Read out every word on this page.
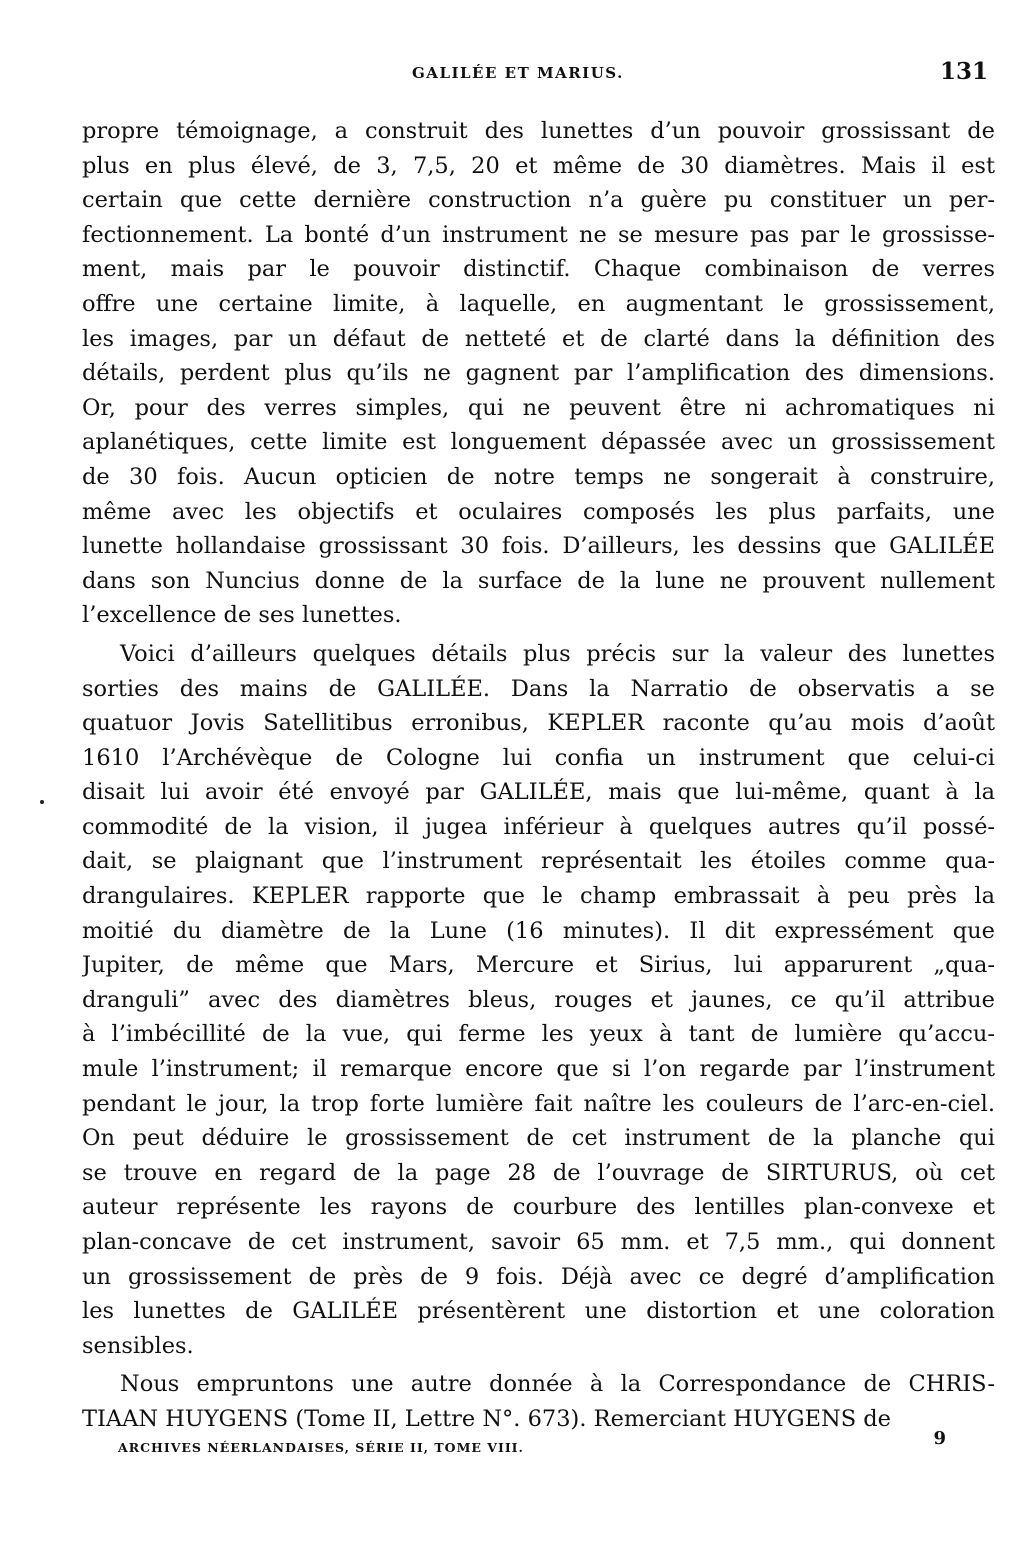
GALILÉE ET MARIUS.	131
propre témoignage, a construit des lunettes d’un pouvoir grossissant de
plus en plus élevé, de 3, 7,5, 20 et même de 30 diamètres. Mais il est
certain que cette dernière construction n’a guère pu constituer un per-
fectionnement. La bonté d’un instrument ne se mesure pas par le grossisse-
ment, mais par le pouvoir distinctif. Chaque combinaison de verres
offre une certaine limite, à laquelle, en augmentant le grossissement,
les images, par un défaut de netteté et de clarté dans la définition des
détails, perdent plus qu’ils ne gagnent par l’amplification des dimensions.
Or, pour des verres simples, qui ne peuvent être ni achromatiques ni
aplanétiques, cette limite est longuement dépassée avec un grossissement
de 30 fois. Aucun opticien de notre temps ne songerait à construire,
même avec les objectifs et oculaires composés les plus parfaits, une
lunette hollandaise grossissant 30 fois. D’ailleurs, les dessins que GALILÉE
dans son Nuncius donne de la surface de la lune ne prouvent nullement
l’excellence de ses lunettes.
Voici d’ailleurs quelques détails plus précis sur la valeur des lunettes
sorties des mains de GALILÉE. Dans la Narratio de observatis a se
quatuor Jovis Satellitibus erronibus, KEPLER raconte qu’au mois d’août
1610 l’Archévèque de Cologne lui confia un instrument que celui-ci
disait lui avoir été envoyé par GALILÉE, mais que lui-même, quant à la
commodité de la vision, il jugea inférieur à quelques autres qu’il possé-
dait, se plaignant que l’instrument représentait les étoiles comme qua-
drangulaires. KEPLER rapporte que le champ embrassait à peu près la
moitié du diamètre de la Lune (16 minutes). Il dit expressément que
Jupiter, de même que Mars, Mercure et Sirius, lui apparurent „qua-
dranguli” avec des diamètres bleus, rouges et jaunes, ce qu’il attribue
à l’imbécillité de la vue, qui ferme les yeux à tant de lumière qu’accu-
mule l’instrument; il remarque encore que si l’on regarde par l’instrument
pendant le jour, la trop forte lumière fait naître les couleurs de l’arc-en-ciel.
On peut déduire le grossissement de cet instrument de la planche qui
se trouve en regard de la page 28 de l’ouvrage de SIRTURUS, où cet
auteur représente les rayons de courbure des lentilles plan-convexe et
plan-concave de cet instrument, savoir 65 mm. et 7,5 mm., qui donnent
un grossissement de près de 9 fois. Déjà avec ce degré d’amplification
les lunettes de GALILÉE présentèrent une distortion et une coloration
sensibles.
Nous empruntons une autre donnée à la Correspondance de CHRIS-
TIAAN HUYGENS (Tome II, Lettre N°. 673). Remerciant HUYGENS de
ARCHIVES NÉERLANDAISES, SÉRIE II, TOME VIII.	9
